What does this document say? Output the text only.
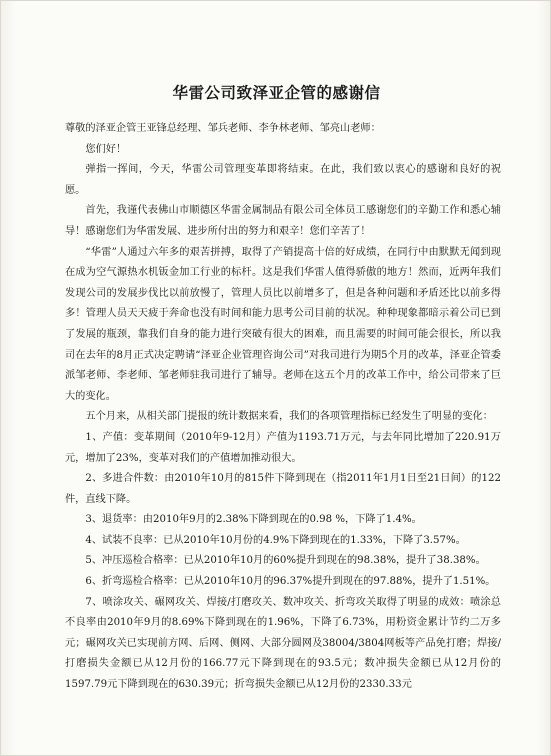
华雷公司致泽亚企管的感谢信

尊敬的泽亚企管王亚锋总经理、邹兵老师、李争林老师、邹亮山老师：

您们好！

弹指一挥间，今天，华雷公司管理变革即将结束。在此，我们致以衷心的感谢和良好的祝愿。

首先，我谨代表佛山市顺德区华雷金属制品有限公司全体员工感谢您们的辛勤工作和悉心辅导！感谢您们为华雷发展、进步所付出的努力和艰辛！您们辛苦了！

“华雷”人通过六年多的艰苦拼搏，取得了产销提高十倍的好成绩，在同行中由默默无闻到现在成为空气源热水机钣金加工行业的标杆。这是我们华雷人值得骄傲的地方！然而，近两年我们发现公司的发展步伐比以前放慢了，管理人员比以前增多了，但是各种问题和矛盾还比以前多得多！管理人员天天疲于奔命也没有时间和能力思考公司目前的状况。种种现象都暗示着公司已到了发展的瓶颈，靠我们自身的能力进行突破有很大的困难，而且需要的时间可能会很长，所以我司在去年的8月正式决定聘请“泽亚企业管理咨询公司”对我司进行为期5个月的改革，泽亚企管委派邹老师、李老师、邹老师驻我司进行了辅导。老师在这五个月的改革工作中，给公司带来了巨大的变化。

五个月来，从相关部门提报的统计数据来看，我们的各项管理指标已经发生了明显的变化：

1、产值：变革期间（2010年9-12月）产值为1193.71万元，与去年同比增加了220.91万元，增加了23%，变革对我们的产值增加推动很大。

2、多进合件数：由2010年10月的815件下降到现在（指2011年1月1日至21日间）的122件，直线下降。

3、退货率：由2010年9月的2.38%下降到现在的0.98 %，下降了1.4%。

4、试装不良率：已从2010年10月份的4.9%下降到现在的1.33%，下降了3.57%。

5、冲压巡检合格率：已从2010年10月的60%提升到现在的98.38%，提升了38.38%。

6、折弯巡检合格率：已从2010年10月的96.37%提升到现在的97.88%，提升了1.51%。

7、喷涂攻关、碾网攻关、焊接/打磨攻关、数冲攻关、折弯攻关取得了明显的成效：喷涂总不良率由2010年9月的8.69%下降到现在的1.96%，下降了6.73%，用粉资金累计节约二万多元；碾网攻关已实现前方网、后网、侧网、大部分圆网及38004/3804网板等产品免打磨；焊接/打磨损失金额已从12月份的166.77元下降到现在的93.5元；数冲损失金额已从12月份的1597.79元下降到现在的630.39元；折弯损失金额已从12月份的2330.33元
